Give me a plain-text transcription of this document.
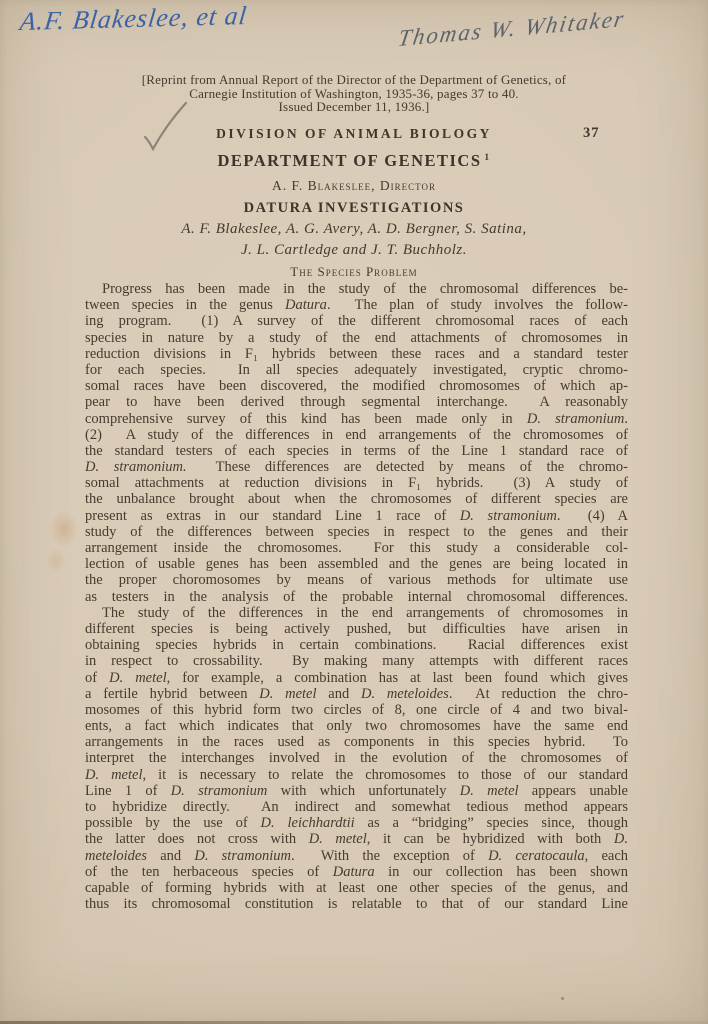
A.F. Blakeslee, et al	Thomas W. Whitaker
[Reprint from Annual Report of the Director of the Department of Genetics, of
Carnegie Institution of Washington, 1935-36, pages 37 to 40.
Issued December 11, 1936.]
DIVISION OF ANIMAL BIOLOGY	37
DEPARTMENT OF GENETICS $^1$
A. F. Blakeslee, Director
DATURA INVESTIGATIONS
A. F. Blakeslee, A. G. Avery, A. D. Bergner, S. Satina,
J. L. Cartledge and J. T. Buchholz.
The Species Problem
Progress has been made in the study of the chromosomal differences be-
tween species in the genus Datura.  The plan of study involves the follow-
ing program.  (1) A survey of the different chromosomal races of each
species in nature by a study of the end attachments of chromosomes in
reduction divisions in F₁ hybrids between these races and a standard tester
for each species.  In all species adequately investigated, cryptic chromo-
somal races have been discovered, the modified chromosomes of which ap-
pear to have been derived through segmental interchange.  A reasonably
comprehensive survey of this kind has been made only in D. stramonium.
(2)  A study of the differences in end arrangements of the chromosomes of
the standard testers of each species in terms of the Line 1 standard race of
D. stramonium.  These differences are detected by means of the chromo-
somal attachments at reduction divisions in F₁ hybrids.  (3) A study of
the unbalance brought about when the chromosomes of different species are
present as extras in our standard Line 1 race of D. stramonium.  (4) A
study of the differences between species in respect to the genes and their
arrangement inside the chromosomes.  For this study a considerable col-
lection of usable genes has been assembled and the genes are being located in
the proper choromosomes by means of various methods for ultimate use
as testers in the analysis of the probable internal chromosomal differences.
The study of the differences in the end arrangements of chromosomes in
different species is being actively pushed, but difficulties have arisen in
obtaining species hybrids in certain combinations.  Racial differences exist
in respect to crossability.  By making many attempts with different races
of D. metel, for example, a combination has at last been found which gives
a fertile hybrid between D. metel and D. meteloides.  At reduction the chro-
mosomes of this hybrid form two circles of 8, one circle of 4 and two bival-
ents, a fact which indicates that only two chromosomes have the same end
arrangements in the races used as components in this species hybrid.  To
interpret the interchanges involved in the evolution of the chromosomes of
D. metel, it is necessary to relate the chromosomes to those of our standard
Line 1 of D. stramonium with which unfortunately D. metel appears unable
to hybridize directly.  An indirect and somewhat tedious method appears
possible by the use of D. leichhardtii as a “bridging” species since, though
the latter does not cross with D. metel, it can be hybridized with both D.
meteloides and D. stramonium.  With the exception of D. ceratocaula, each
of the ten herbaceous species of Datura in our collection has been shown
capable of forming hybrids with at least one other species of the genus, and
thus its chromosomal constitution is relatable to that of our standard Line
